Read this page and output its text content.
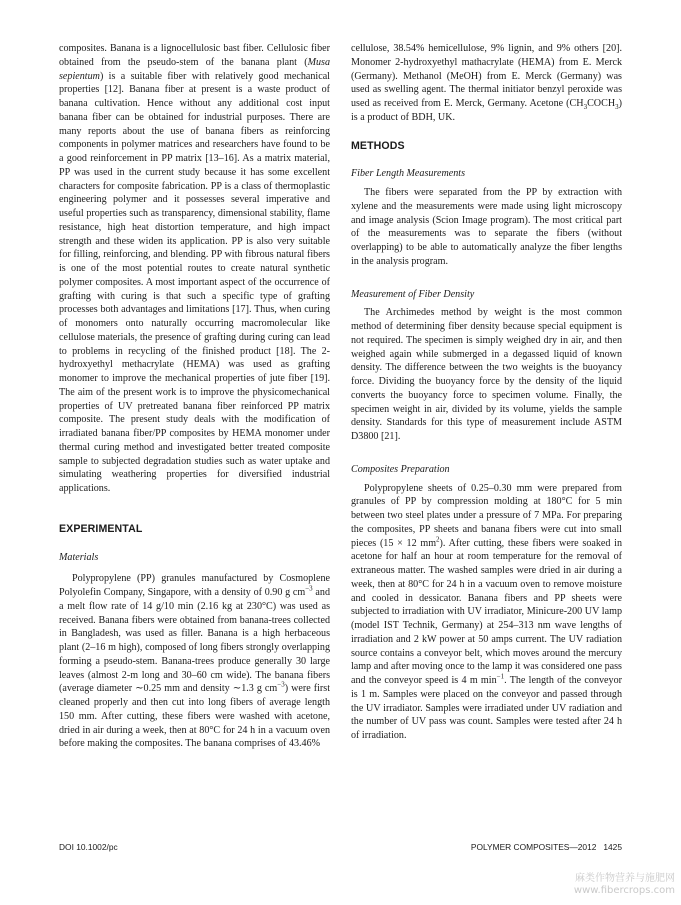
composites. Banana is a lignocellulosic bast fiber. Cellulosic fiber obtained from the pseudo-stem of the banana plant (Musa sepientum) is a suitable fiber with relatively good mechanical properties [12]. Banana fiber at present is a waste product of banana cultivation. Hence without any additional cost input banana fiber can be obtained for industrial purposes. There are many reports about the use of banana fibers as reinforcing components in polymer matrices and researchers have found to be a good reinforcement in PP matrix [13–16]. As a matrix material, PP was used in the current study because it has some excellent characters for composite fabrication. PP is a class of thermoplastic engineering polymer and it possesses several imperative and useful properties such as transparency, dimensional stability, flame resistance, high heat distortion temperature, and high impact strength and these widen its application. PP is also very suitable for filling, reinforcing, and blending. PP with fibrous natural fibers is one of the most potential routes to create natural synthetic polymer composites. A most important aspect of the occurrence of grafting with curing is that such a specific type of grafting processes both advantages and limitations [17]. Thus, when curing of monomers onto naturally occurring macromolecular like cellulose materials, the presence of grafting during curing can lead to problems in recycling of the finished product [18]. The 2-hydroxyethyl methacrylate (HEMA) was used as grafting monomer to improve the mechanical properties of jute fiber [19]. The aim of the present work is to improve the physicomechanical properties of UV pretreated banana fiber reinforced PP matrix composite. The present study deals with the modification of irradiated banana fiber/PP composites by HEMA monomer under thermal curing method and investigated better treated composite sample to subjected degradation studies such as water uptake and simulating weathering properties for diversified industrial applications.

EXPERIMENTAL
Materials

Polypropylene (PP) granules manufactured by Cosmoplene Polyolefin Company, Singapore, with a density of 0.90 g $cm^{-3}$ and a melt flow rate of 14 g/10 min (2.16 kg at 230°C) was used as received. Banana fibers were obtained from banana-trees collected in Bangladesh, was used as filler. Banana is a high herbaceous plant (2–16 m high), composed of long fibers strongly overlapping forming a pseudo-stem. Banana-trees produce generally 30 large leaves (almost 2-m long and 30–60 cm wide). The banana fibers (average diameter ∼0.25 mm and density ∼1.3 g $cm^{-3}$) were first cleaned properly and then cut into long fibers of average length 150 mm. After cutting, these fibers were washed with acetone, dried in air during a week, then at 80°C for 24 h in a vacuum oven before making the composites. The banana comprises of 43.46%

cellulose, 38.54% hemicellulose, 9% lignin, and 9% others [20]. Monomer 2-hydroxyethyl mathacrylate (HEMA) from E. Merck (Germany). Methanol (MeOH) from E. Merck (Germany) was used as swelling agent. The thermal initiator benzyl peroxide was used as received from E. Merck, Germany. Acetone $(CH_3COCH_3)$ is a product of BDH, UK.

METHODS
Fiber Length Measurements

The fibers were separated from the PP by extraction with xylene and the measurements were made using light microscopy and image analysis (Scion Image program). The most critical part of the measurements was to separate the fibers (without overlapping) to be able to automatically analyze the fiber lengths in the analysis program.

Measurement of Fiber Density

The Archimedes method by weight is the most common method of determining fiber density because special equipment is not required. The specimen is simply weighed dry in air, and then weighed again while submerged in a degassed liquid of known density. The difference between the two weights is the buoyancy force. Dividing the buoyancy force by the density of the liquid converts the buoyancy force to specimen volume. Finally, the specimen weight in air, divided by its volume, yields the sample density. Standards for this type of measurement include ASTM D3800 [21].

Composites Preparation

Polypropylene sheets of 0.25–0.30 mm were prepared from granules of PP by compression molding at 180°C for 5 min between two steel plates under a pressure of 7 MPa. For preparing the composites, PP sheets and banana fibers were cut into small pieces (15 × 12 $mm^2$). After cutting, these fibers were soaked in acetone for half an hour at room temperature for the removal of extraneous matter. The washed samples were dried in air during a week, then at 80°C for 24 h in a vacuum oven to remove moisture and cooled in dessicator. Banana fibers and PP sheets were subjected to irradiation with UV irradiator, Minicure-200 UV lamp (model IST Technik, Germany) at 254–313 nm wave lengths of irradiation and 2 kW power at 50 amps current. The UV radiation source contains a conveyor belt, which moves around the mercury lamp and after moving once to the lamp it was considered one pass and the conveyor speed is 4 m $\min^{-1}$. The length of the conveyor is 1 m. Samples were placed on the conveyor and passed through the UV irradiator. Samples were irradiated under UV radiation and the number of UV pass was count. Samples were tested after 24 h of irradiation.

DOI 10.1002/pc	POLYMER COMPOSITES—2012   1425
麻类作物营养与施肥网
www.fibercrops.com
